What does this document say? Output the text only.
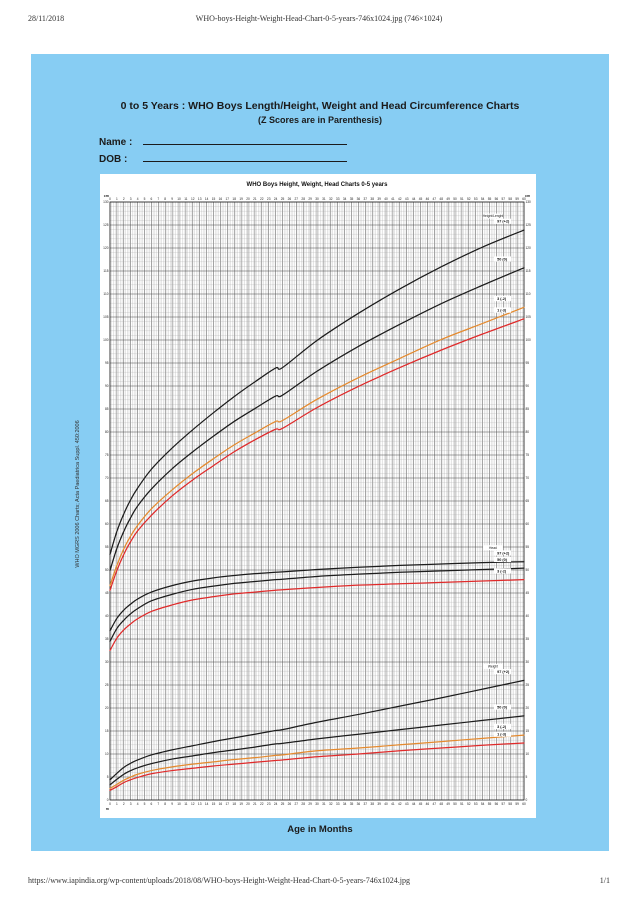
28/11/2018	WHO-boys-Height-Weight-Head-Chart-0-5-years-746x1024.jpg (746×1024)
0 to 5 Years : WHO Boys Length/Height, Weight and Head Circumference Charts
(Z Scores are in Parenthesis)
Name :
DOB :
WHO MGRS 2006 Charts; Acta Paediatrica Suppl. 450:2006
WHO Boys Height, Weight, Head Charts 0-5 years
0
0
1
1
2
2
3
3
4
4
5
5
6
6
7
7
8
8
9
9
10
10
11
11
12
12
13
13
14
14
15
15
16
16
17
17
18
18
19
19
20
20
21
21
22
22
23
23
24
24
25
25
26
26
27
27
28
28
29
29
30
30
31
31
32
32
33
33
34
34
35
35
36
36
37
37
38
38
39
39
40
40
41
41
42
42
43
43
44
44
45
45
46
46
47
47
48
48
49
49
50
50
51
51
52
52
53
53
54
54
55
55
56
56
57
57
58
58
59
59
60
60
0	0
5	5
10	10
15	15
20	20
25	25
30	30
35	35
40	40
45	45
50	50
55	55
60	60
65	65
70	70
75	75
80	80
85	85
90	90
95	95
100	100
105	105
110	110
115	115
120	120
125	125
130	130
cm	cm
m
Height/Lenght
97 (+2)
50 (0)
3 (-2)
1 (-3)
Head
97 (+2)
50 (0)
3 (-2)
Weight
97 (+2)
50 (0)
3 (-2)
1 (-3)
Age in Months
https://www.iapindia.org/wp-content/uploads/2018/08/WHO-boys-Height-Weight-Head-Chart-0-5-years-746x1024.jpg	1/1
